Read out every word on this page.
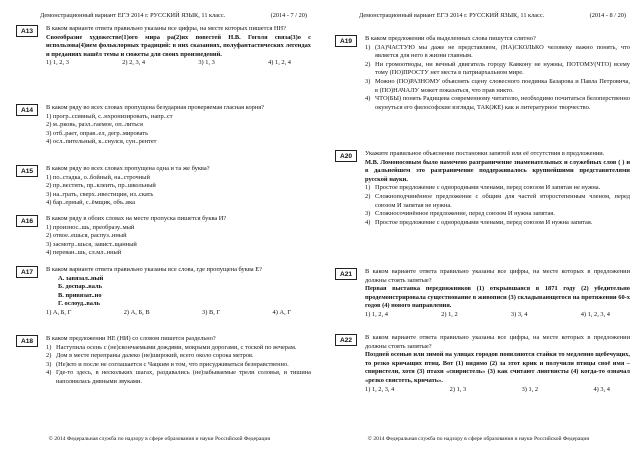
Демонстрационный вариант ЕГЭ 2014 г. РУССКИЙ ЯЗЫК, 11 класс.	(2014 - 7 / 20)
A13	В каком варианте ответа правильно указаны все цифры, на месте которых пишется НН?
Своеобразие художестве(1)ого мира ра(2)их повестей Н.В. Гоголя связа(3)о с использова(4)ием фольклорных традиций: в них сказаниях, полуфантастических легендах и преданиях нашёл темы и сюжеты для своих произведений.
1) 1, 2, 3	2) 2, 3, 4	3) 1, 3	4) 1, 2, 4
A14	В каком ряду во всех словах пропущена безударная проверяемая гласная корня?
1) прогр..сcивный, с..нхронизировать, напр..ст
2) м..рковь, разл..гаемое, оп..литься
3) отб..рает, оправ..ел, дегр..мировать
4) осл..пительный, к..снулся, сун..рентет
A15	В каком ряду во всех словах пропущена одна и та же буква?
1) по..стадка, о..бойный, на..строчный
2) пр..вестить, пр..клеить, пр..школьный
3) на..грать, сверх..нвестиции, из..скать
4) бар..ерный, с..ёмщик, объ..вка
A16	В каком ряду в обоих словах на месте пропуска пишется буква И?
1) произнос..шь, преобразу..мый
2) отвое..ешься, распуз..нный
3) засмотр..шься, завист..щанный
4) переван..шь, сл.мл..нный
A17	В каком варианте ответа правильно указаны все слова, где пропущена буква Е?
А. завязал..ный
Б. доспар..валь
В. привязат..но
Г. ослоуд..валь
1) А, Б, Г	2) А, Б, В	3) В, Г	4) А, Г
A18	В каком предложении НЕ (НИ) со словом пишется раздельно?
1) Наступила осень с (не)скончаемыми дождями, мокрыми дорогами, с тоской по вечерам.
2) Дом в месте перепраны далеко (не)широкий, всего около сорока метров.
3) (Не)кто и после не соглашается с Чацким и том, что присудживаться безнравственно.
4) Где-то здесь, в нескольких шагах, раздавались (не)забываемые трели соловья, и тишина наполнилась дивными звуками.
© 2014 Федеральная служба по надзору в сфере образования и науки Российской Федерации
Демонстрационный вариант ЕГЭ 2014 г. РУССКИЙ ЯЗЫК, 11 класс.	(2014 - 8 / 20)
A19	В каком предложении оба выделенных слова пишутся слитно?
1) (ЗА)ЧАСТУЮ мы даже не представляем, (НА)СКОЛЬКО человеку важно понять, что является для него в жизни главным.
2) Ни громоотводы, ни вечный двигатель городу Кавкону не нужны, ПОТОМУ(ЧТО) всему тому (ПО)ПРОСТУ нет места в патриархальном мире.
3) Можно (ПО)РАЗНОМУ объяснять сцену словесного поединка Базарова и Павла Петровича, в (ПО)НАЧАЛУ может показаться, что прав никто.
4) ЧТО(БЫ) понять Радищева современному читателю, необходимо почитаться белоперственно окунуться его философские взгляды, ТАК(ЖЕ) как и литературное творчество.
A20	Укажите правильное объяснение постановки запятой или её отсутствия в предложении.
М.В. Ломоносовым было намечено разграничение знаменательных и служебных слов ( ) и в дальнейшем это разграничение поддерживалось крупнейшими представителями русской науки.
1) Простое предложение с однородными членами, перед союзом И запятая не нужна.
2) Сложноподчинённое предложение с общим для частей второстепенным членом, перед союзом И запятая не нужна.
3) Сложносочинённое предложение, перед союзом И нужна запятая.
4) Простое предложение с однородными членами, перед союзом И нужна запятая.
A21	В каком варианте ответа правильно указаны все цифры, на месте которых в предложении должны стоять запятые?
Первая выставка передвижников (1) открывшаяся в 1871 году (2) убедительно продемонстрировала существование в живописи (3) складывающегося на протяжении 60-х годов (4) нового направления.
1) 1, 2, 4	2) 1, 2	3) 3, 4	4) 1, 2, 3, 4
A22	В каком варианте ответа правильно указаны все цифры, на месте которых в предложении должны стоять запятые?
Поздней осенью или зимой на улицах городов появляются стайки то медленно щебечущих, то резко кричащих птиц. Вот (1) видимо (2) за этот крик и получили птицы своё имя – свиристели, хотя (3) птахи «свиристель» (3) как считают лингвисты (4) когда-то означал «резко свистеть, кричать».
1) 1, 2, 3, 4	2) 1, 3	3) 1, 2	4) 3, 4
© 2014 Федеральная служба по надзору в сфере образования и науки Российской Федерации
